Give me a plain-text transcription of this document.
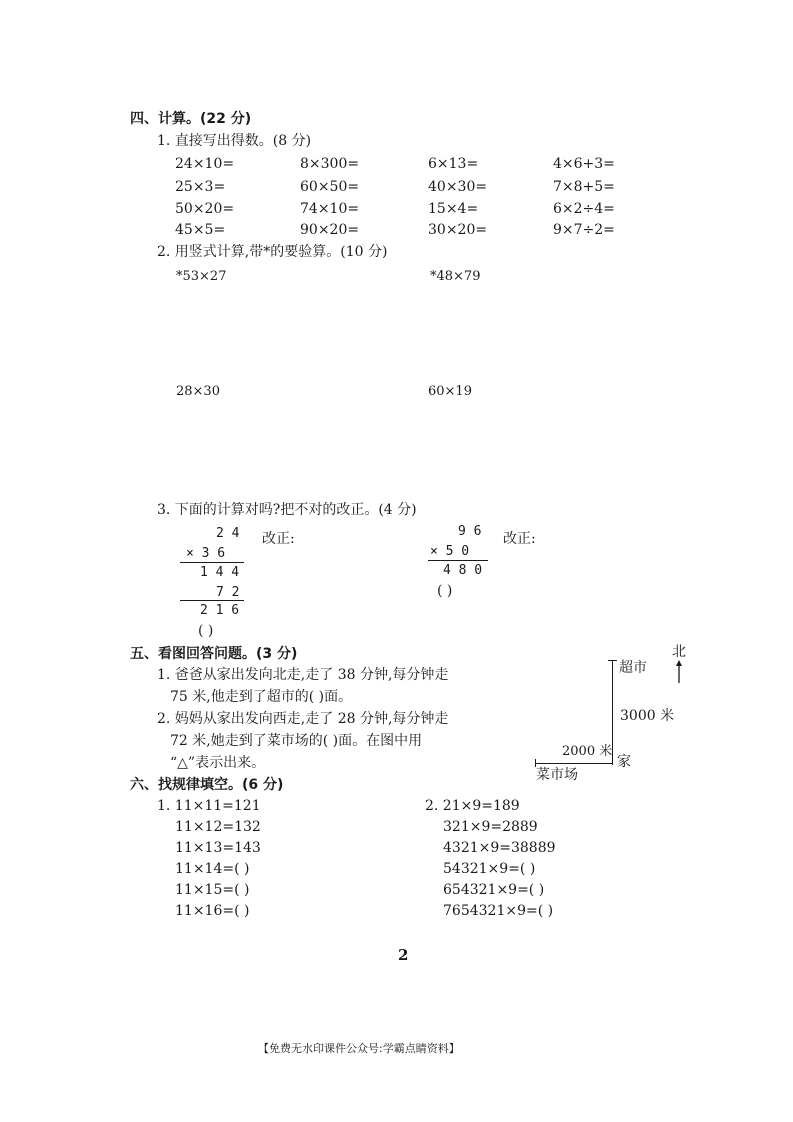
四、计算。(22 分)
1. 直接写出得数。(8 分)
24×10=	8×300=	6×13=	4×6+3=
25×3=	60×50=	40×30=	7×8+5=
50×20=	74×10=	15×4=	6×2÷4=
45×5=	90×20=	30×20=	9×7÷2=
2. 用竖式计算,带*的要验算。(10 分)
*53×27	*48×79
28×30	60×19
3. 下面的计算对吗?把不对的改正。(4 分)
2 4
× 3 6
1 4 4
7 2
2 1 6
( )
改正:	9 6
× 5 0
4 8 0
( )
改正:
五、看图回答问题。(3 分)
1. 爸爸从家出发向北走,走了 38 分钟,每分钟走
75 米,他走到了超市的( )面。
2. 妈妈从家出发向西走,走了 28 分钟,每分钟走
72 米,她走到了菜市场的( )面。在图中用
“△”表示出来。
北
超市
3000 米
2000 米
家
菜市场
六、找规律填空。(6 分)
1. 11×11=121
11×12=132
11×13=143
11×14=( )
11×15=( )
11×16=( )
2. 21×9=189
321×9=2889
4321×9=38889
54321×9=( )
654321×9=( )
7654321×9=( )
2
【免费无水印课件公众号:学霸点睛资料】
